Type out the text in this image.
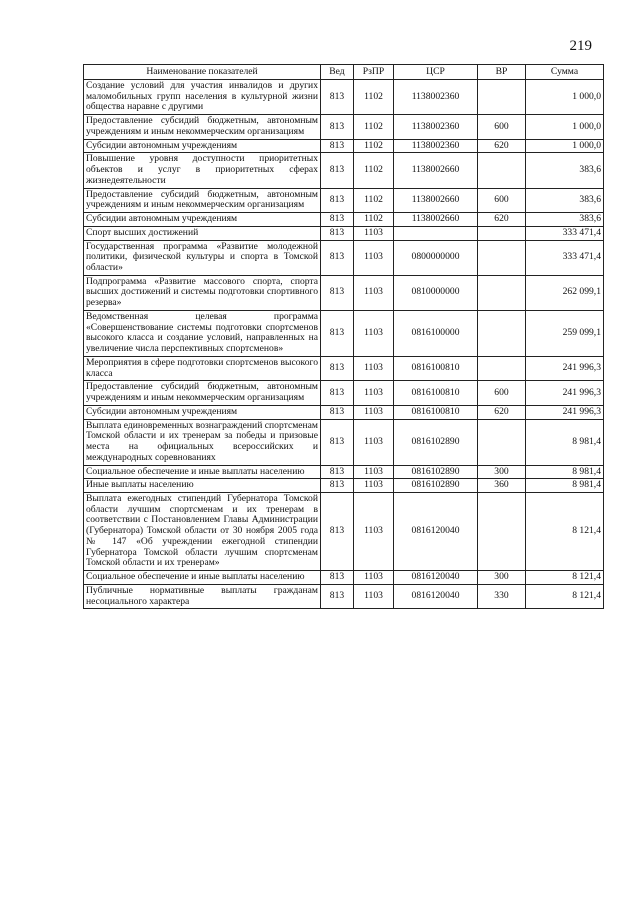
219
Наименование показателей	Вед	РзПР	ЦСР	ВР	Сумма
Создание условий для участия инвалидов и других маломобильных групп населения в культурной жизни общества наравне с другими	813	1102	1138002360		1 000,0
Предоставление субсидий бюджетным, автономным учреждениям и иным некоммерческим организациям	813	1102	1138002360	600	1 000,0
Субсидии автономным учреждениям	813	1102	1138002360	620	1 000,0
Повышение уровня доступности приоритетных объектов и услуг в приоритетных сферах жизнедеятельности	813	1102	1138002660		383,6
Предоставление субсидий бюджетным, автономным учреждениям и иным некоммерческим организациям	813	1102	1138002660	600	383,6
Субсидии автономным учреждениям	813	1102	1138002660	620	383,6
Спорт высших достижений	813	1103			333 471,4
Государственная программа «Развитие молодежной политики, физической культуры и спорта в Томской области»	813	1103	0800000000		333 471,4
Подпрограмма «Развитие массового спорта, спорта высших достижений и системы подготовки спортивного резерва»	813	1103	0810000000		262 099,1
Ведомственная целевая программа «Совершенствование системы подготовки спортсменов высокого класса и создание условий, направленных на увеличение числа перспективных спортсменов»	813	1103	0816100000		259 099,1
Мероприятия в сфере подготовки спортсменов высокого класса	813	1103	0816100810		241 996,3
Предоставление субсидий бюджетным, автономным учреждениям и иным некоммерческим организациям	813	1103	0816100810	600	241 996,3
Субсидии автономным учреждениям	813	1103	0816100810	620	241 996,3
Выплата единовременных вознаграждений спортсменам Томской области и их тренерам за победы и призовые места на официальных всероссийских и международных соревнованиях	813	1103	0816102890		8 981,4
Социальное обеспечение и иные выплаты населению	813	1103	0816102890	300	8 981,4
Иные выплаты населению	813	1103	0816102890	360	8 981,4
Выплата ежегодных стипендий Губернатора Томской области лучшим спортсменам и их тренерам в соответствии с Постановлением Главы Администрации (Губернатора) Томской области от 30 ноября 2005 года № 147 «Об учреждении ежегодной стипендии Губернатора Томской области лучшим спортсменам Томской области и их тренерам»	813	1103	0816120040		8 121,4
Социальное обеспечение и иные выплаты населению	813	1103	0816120040	300	8 121,4
Публичные нормативные выплаты гражданам несоциального характера	813	1103	0816120040	330	8 121,4
